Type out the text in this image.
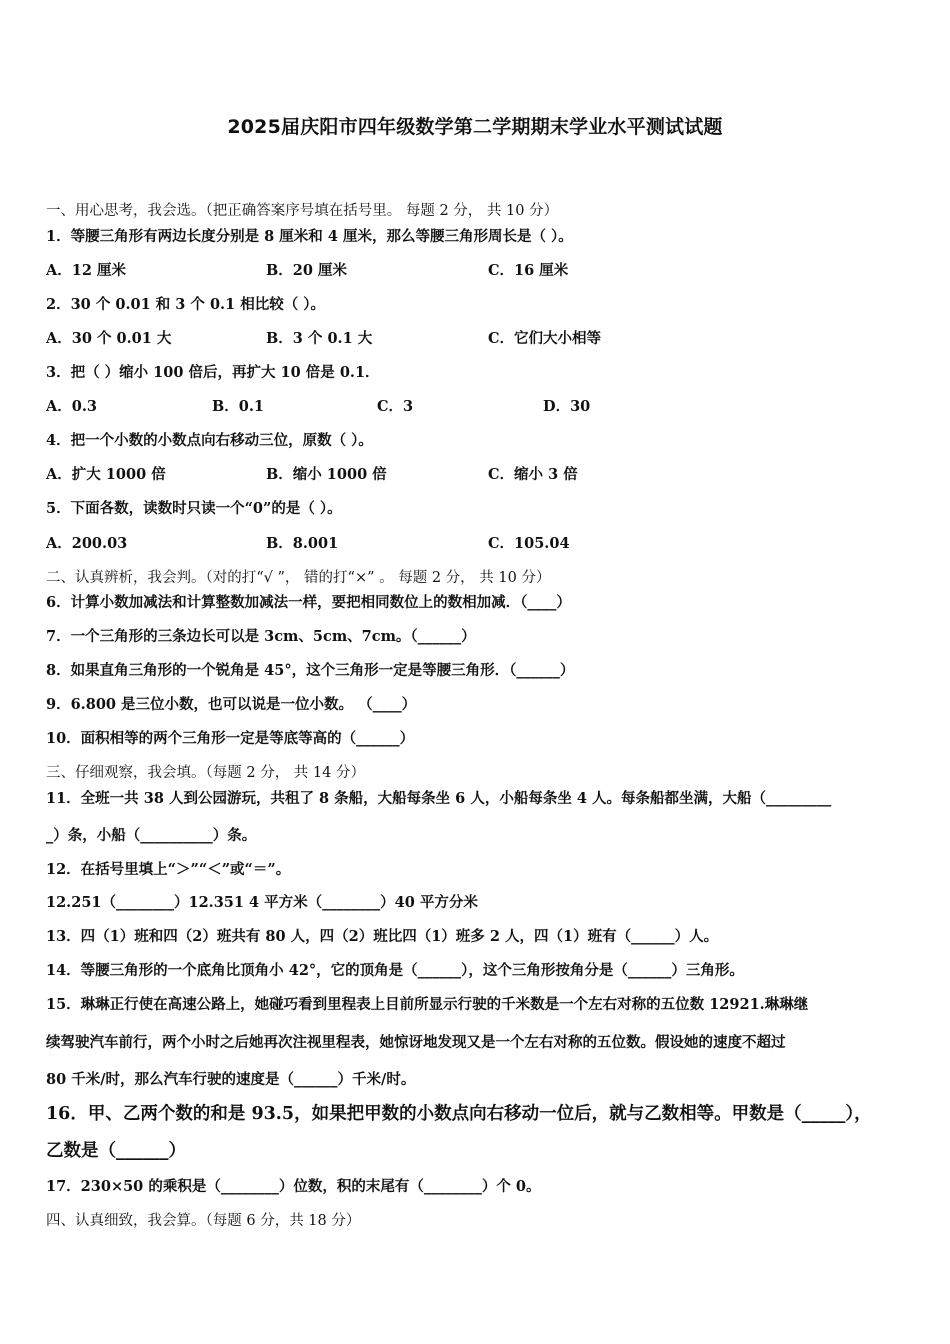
2025届庆阳市四年级数学第二学期期末学业水平测试试题
一、用心思考，我会选。（把正确答案序号填在括号里。 每题 2 分， 共 10 分）
1．等腰三角形有两边长度分别是 8 厘米和 4 厘米，那么等腰三角形周长是（ ）。
A．12 厘米	B．20 厘米	C．16 厘米
2．30 个 0.01 和 3 个 0.1 相比较（ ）。
A．30 个 0.01 大	B．3 个 0.1 大	C．它们大小相等
3．把（ ）缩小 100 倍后，再扩大 10 倍是 0.1．
A．0.3	B．0.1	C．3	D．30
4．把一个小数的小数点向右移动三位，原数（ ）。
A．扩大 1000 倍	B．缩小 1000 倍	C．缩小 3 倍
5．下面各数，读数时只读一个“0”的是（ ）。
A．200.03	B．8.001	C．105.04
二、认真辨析，我会判。（对的打“√ ”， 错的打“×” 。 每题 2 分， 共 10 分）
6．计算小数加减法和计算整数加减法一样，要把相同数位上的数相加减．（____）
7．一个三角形的三条边长可以是 3cm、5cm、7cm。（______）
8．如果直角三角形的一个锐角是 45°，这个三角形一定是等腰三角形．（______）
9．6.800 是三位小数，也可以说是一位小数。 （____）
10．面积相等的两个三角形一定是等底等高的（______）
三、仔细观察，我会填。（每题 2 分， 共 14 分）
11．全班一共 38 人到公园游玩，共租了 8 条船，大船每条坐 6 人，小船每条坐 4 人。每条船都坐满，大船（_________
_）条，小船（__________）条。
12．在括号里填上“＞”“＜”或“＝”。
12.251（________）12.351 4 平方米（________）40 平方分米
13．四（1）班和四（2）班共有 80 人，四（2）班比四（1）班多 2 人，四（1）班有（______）人。
14．等腰三角形的一个底角比顶角小 42°，它的顶角是（______），这个三角形按角分是（______）三角形。
15．琳琳正行使在高速公路上，她碰巧看到里程表上目前所显示行驶的千米数是一个左右对称的五位数 12921.琳琳继
续驾驶汽车前行，两个小时之后她再次注视里程表，她惊讶地发现又是一个左右对称的五位数。假设她的速度不超过
80 千米/时，那么汽车行驶的速度是（______）千米/时。
16．甲、乙两个数的和是 93.5，如果把甲数的小数点向右移动一位后，就与乙数相等。甲数是（_____），
乙数是（______）
17．230×50 的乘积是（________）位数，积的末尾有（________）个 0。
四、认真细致，我会算。（每题 6 分，共 18 分）
